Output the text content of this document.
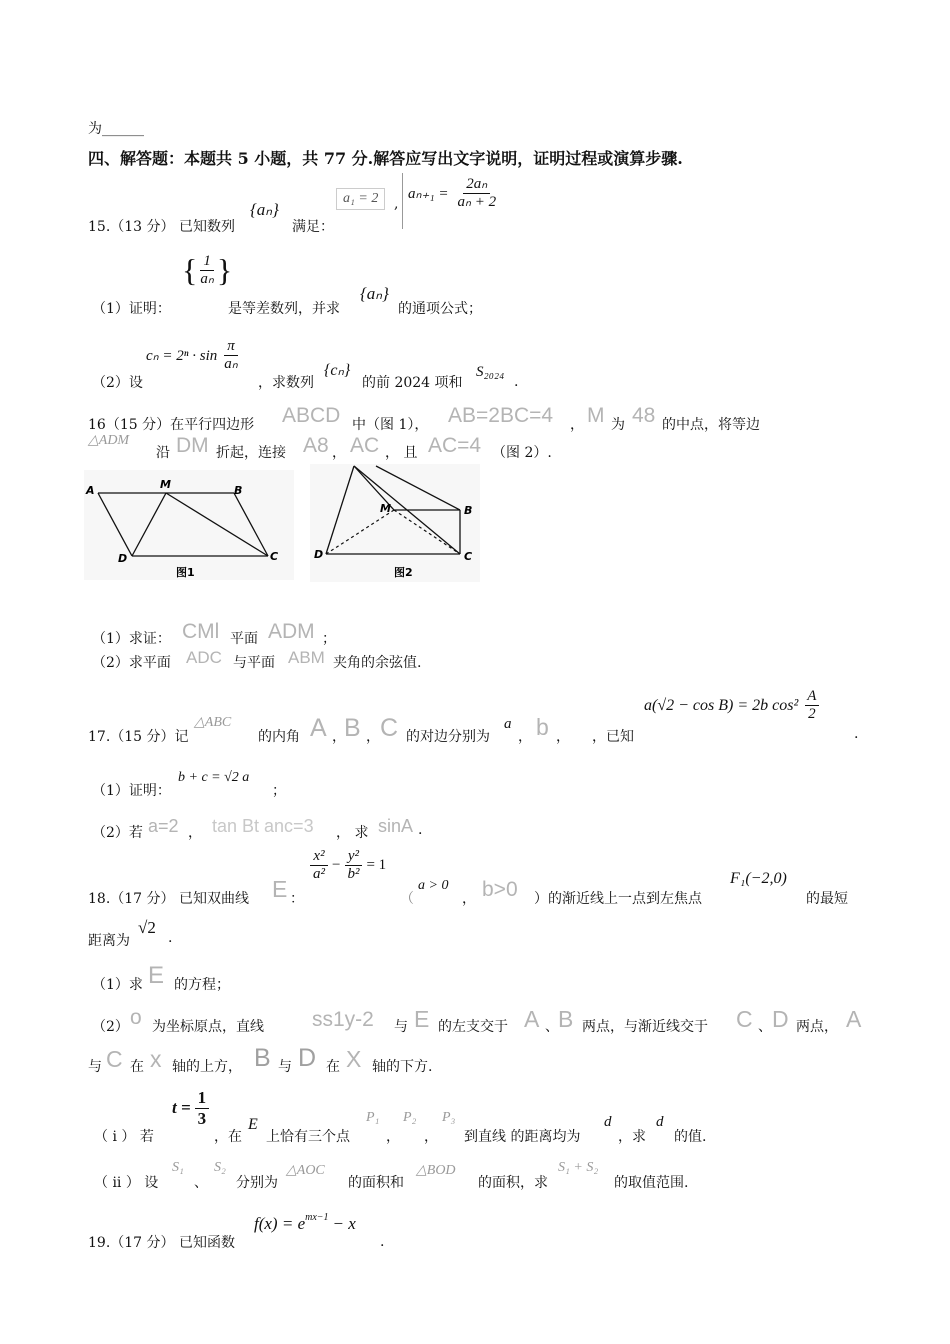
为______
四、解答题：本题共 5 小题，共 77 分.解答应写出文字说明，证明过程或演算步骤.
15.（13 分） 已知数列
{aₙ}
满足：
a₁ = 2	,
$a_{n+1} = \frac{\text{2aₙ}}{\text{aₙ + 2}}$
（1）证明：
{ $\frac{1}{\text{aₙ}}$ }
是等差数列，并求
{aₙ}
的通项公式；
（2）设
$c_n = 2^n \cdot \sin \frac{\pi}{\text{aₙ}}$
，求数列
{cₙ}
的前 2024 项和
S₂₀₂₄
.
16（15 分）在平行四边形 ABCD 中（图 1）， AB=2BC=4 ， M 为 48 的中点，将等边
△ADM
沿 DM 折起，连接 A8 ， AC ， 且 AC=4 （图 2）.
A	M	B
D	C
图1
M	B
D	C
图2
（1）求证： CMl 平面 ADM ；
（2）求平面 ADC 与平面 ABM 夹角的余弦值.
17.（15 分）记
△ABC
的内角 A ，
B ， C 的对边分别为
a
， b ， ，已知
a(√2 − cos B) = 2b $\cos^2 \frac{A}{2}$
.
（1）证明：
b + c = √2 a
；
（2）若 a=2 ， tan Bt anc=3 ， 求 sinA .
18.（17 分） 已知双曲线 E ：
$\frac{\text{x²}}{\text{a²}} - \frac{\text{y²}}{\text{b²}} = 1$
（
a > 0
， b>0 ）的渐近线上一点到左焦点
F₁(−2,0)
的最短
距离为
√2
.
（1）求 E 的方程；
（2） o 为坐标原点，直线 ss1y-2 与 E 的左支交于 A 、 B 两点，与渐近线交于 C 、 D 两点， A
与 C 在 x 轴的上方， B 与 D 在 X 轴的下方.
（ i ） 若
$t = \frac{1}{3}$
，在
E
上恰有三个点
P₁
，
P₂
，
P₃
到直线 的距离均为
d
，求
d
的值.
（ ii ） 设
S₁
、
S₂
分别为
△AOC
的面积和
△BOD
的面积，求
S₁ + S₂
的取值范围.
19.（17 分） 已知函数
f(x) = e mx−1 − x
.
